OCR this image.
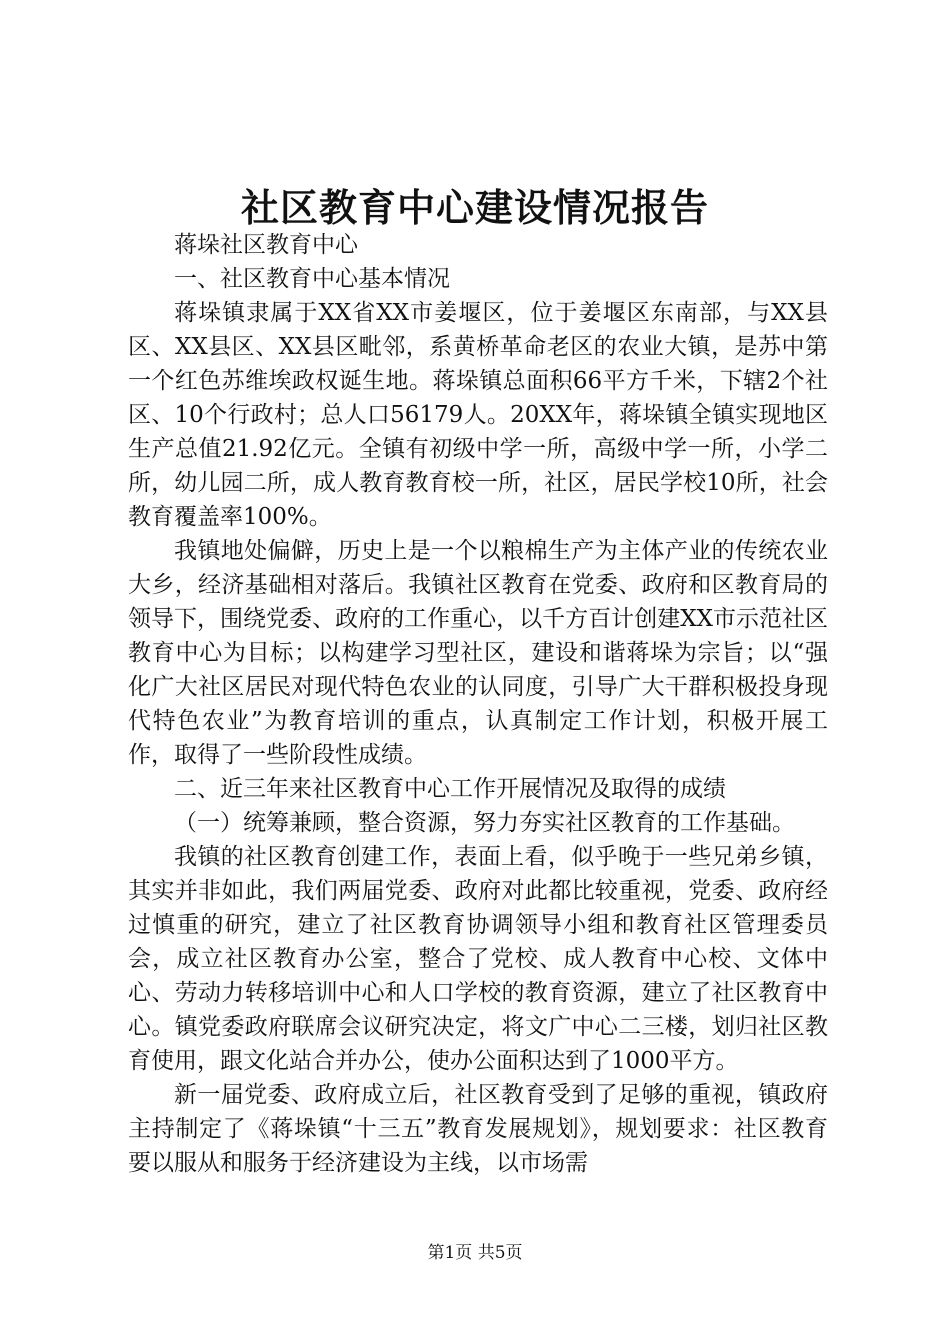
社区教育中心建设情况报告

蒋垛社区教育中心

一、社区教育中心基本情况

蒋垛镇隶属于XX省XX市姜堰区，位于姜堰区东南部，与XX县区、XX县区、XX县区毗邻，系黄桥革命老区的农业大镇，是苏中第一个红色苏维埃政权诞生地。蒋垛镇总面积66平方千米，下辖2个社区、10个行政村；总人口56179人。20XX年，蒋垛镇全镇实现地区生产总值21.92亿元。全镇有初级中学一所，高级中学一所，小学二所，幼儿园二所，成人教育教育校一所，社区，居民学校10所，社会教育覆盖率100%。

我镇地处偏僻，历史上是一个以粮棉生产为主体产业的传统农业大乡，经济基础相对落后。我镇社区教育在党委、政府和区教育局的领导下，围绕党委、政府的工作重心，以千方百计创建XX市示范社区教育中心为目标；以构建学习型社区，建设和谐蒋垛为宗旨；以“强化广大社区居民对现代特色农业的认同度，引导广大干群积极投身现代特色农业”为教育培训的重点，认真制定工作计划，积极开展工作，取得了一些阶段性成绩。

二、近三年来社区教育中心工作开展情况及取得的成绩

（一）统筹兼顾，整合资源，努力夯实社区教育的工作基础。

我镇的社区教育创建工作，表面上看，似乎晚于一些兄弟乡镇，其实并非如此，我们两届党委、政府对此都比较重视，党委、政府经过慎重的研究，建立了社区教育协调领导小组和教育社区管理委员会，成立社区教育办公室，整合了党校、成人教育中心校、文体中心、劳动力转移培训中心和人口学校的教育资源，建立了社区教育中心。镇党委政府联席会议研究决定，将文广中心二三楼，划归社区教育使用，跟文化站合并办公，使办公面积达到了1000平方。

新一届党委、政府成立后，社区教育受到了足够的重视，镇政府主持制定了《蒋垛镇“十三五”教育发展规划》，规划要求：社区教育要以服从和服务于经济建设为主线，以市场需

第1页 共5页
